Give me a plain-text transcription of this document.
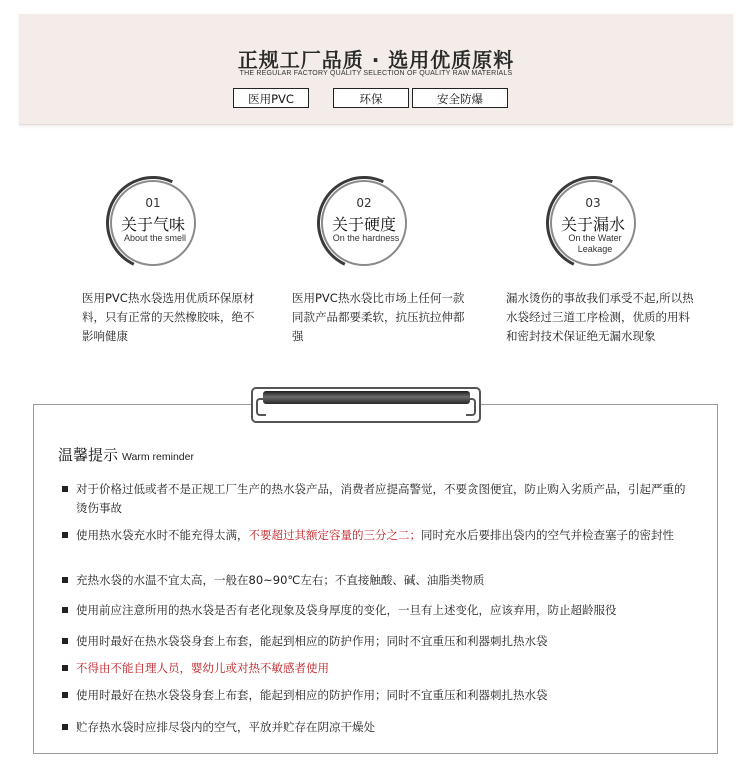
正规工厂品质 · 选用优质原料
THE REGULAR FACTORY QUALITY SELECTION OF QUALITY RAW MATERIALS
医用PVC	环保	安全防爆
01
关于气味
About the smell
医用PVC热水袋选用优质环保原材料，只有正常的天然橡胶味，绝不影响健康
02
关于硬度
On the hardness
医用PVC热水袋比市场上任何一款同款产品都要柔软，抗压抗拉伸都强
03
关于漏水
On the Water Leakage
漏水烫伤的事故我们承受不起,所以热水袋经过三道工序检测，优质的用料和密封技术保证绝无漏水现象
温馨提示 Warm reminder
对于价格过低或者不是正规工厂生产的热水袋产品，消费者应提高警觉，不要贪图便宜，防止购入劣质产品，引起严重的烫伤事故
使用热水袋充水时不能充得太满，不要超过其额定容量的三分之二；同时充水后要排出袋内的空气并检查塞子的密封性
充热水袋的水温不宜太高，一般在80~90℃左右；不直接触酸、碱、油脂类物质
使用前应注意所用的热水袋是否有老化现象及袋身厚度的变化，一旦有上述变化，应该弃用，防止超龄服役
使用时最好在热水袋袋身套上布套，能起到相应的防护作用；同时不宜重压和利器刺扎热水袋
不得由不能自理人员，婴幼儿或对热不敏感者使用
使用时最好在热水袋袋身套上布套，能起到相应的防护作用；同时不宜重压和利器刺扎热水袋
贮存热水袋时应排尽袋内的空气，平放并贮存在阴凉干燥处
